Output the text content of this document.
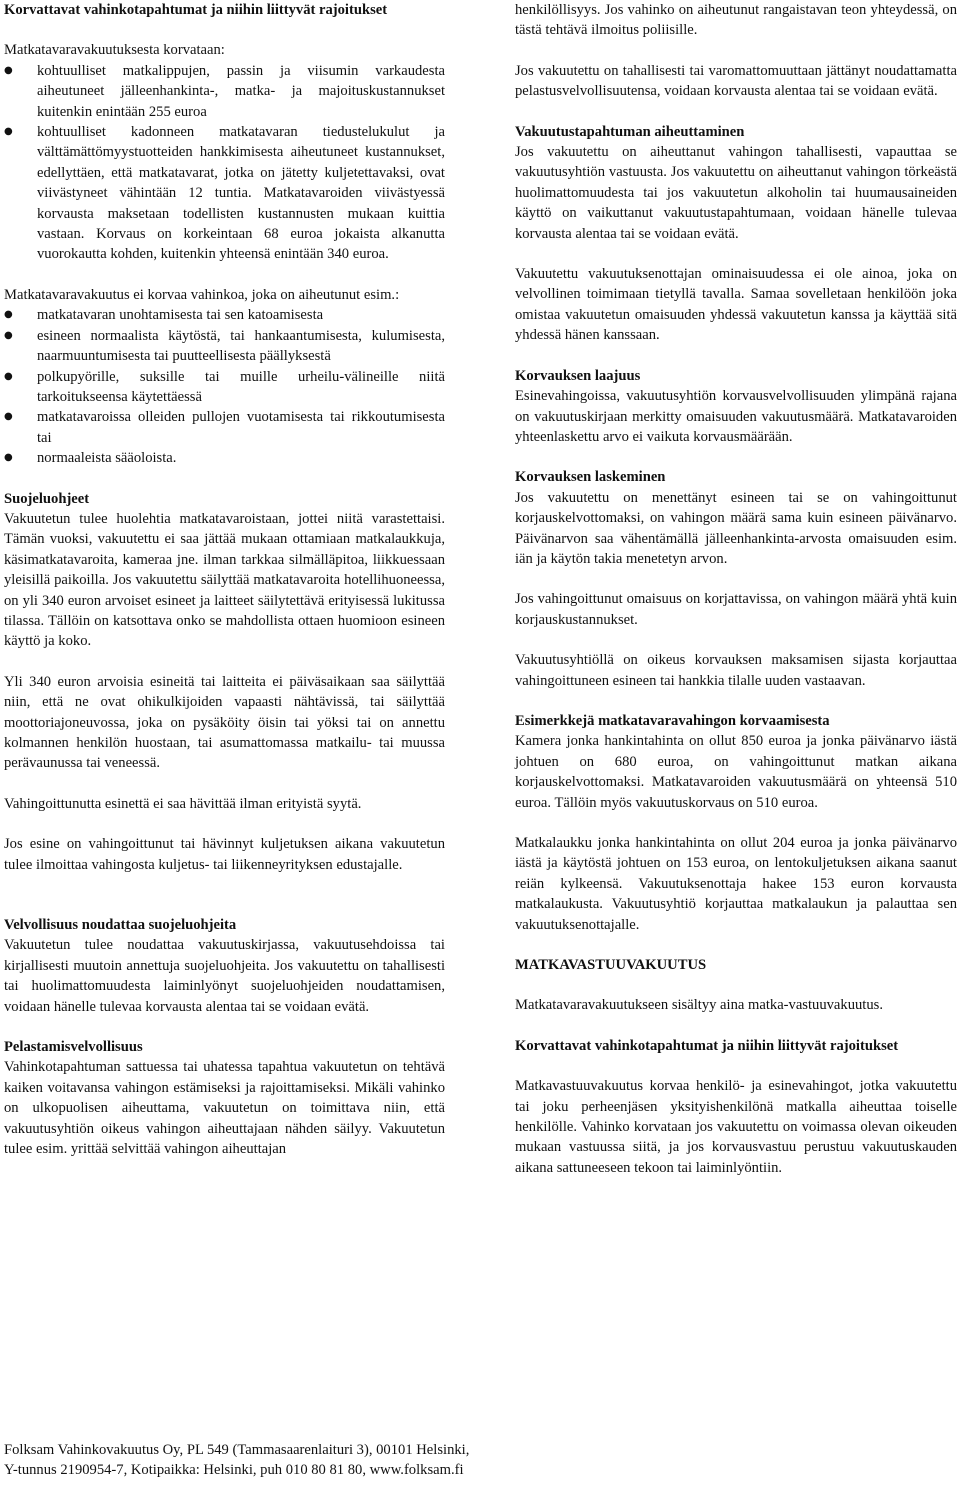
Korvattavat vahinkotapahtumat ja niihin liittyvät rajoitukset

Matkatavaravakuutuksesta korvataan:

● kohtuulliset matkalippujen, passin ja viisumin varkaudesta aiheutuneet jälleenhankinta-, matka- ja majoituskustannukset kuitenkin enintään 255 euroa
● kohtuulliset kadonneen matkatavaran tiedustelukulut ja välttämättömyystuotteiden hankkimisesta aiheutuneet kustannukset, edellyttäen, että matkatavarat, jotka on jätetty kuljetettavaksi, ovat viivästyneet vähintään 12 tuntia. Matkatavaroiden viivästyessä korvausta maksetaan todellisten kustannusten mukaan kuittia vastaan. Korvaus on korkeintaan 68 euroa jokaista alkanutta vuorokautta kohden, kuitenkin yhteensä enintään 340 euroa.

Matkatavaravakuutus ei korvaa vahinkoa, joka on aiheutunut esim.:

● matkatavaran unohtamisesta tai sen katoamisesta
● esineen normaalista käytöstä, tai hankaantumisesta, kulumisesta, naarmuuntumisesta tai puutteellisesta päällyksestä
● polkupyörille, suksille tai muille urheilu-välineille niitä tarkoitukseensa käytettäessä
● matkatavaroissa olleiden pullojen vuotamisesta tai rikkoutumisesta tai
● normaaleista sääoloista.
Suojeluohjeet

Vakuutetun tulee huolehtia matkatavaroistaan, jottei niitä varastettaisi. Tämän vuoksi, vakuutettu ei saa jättää mukaan ottamiaan matkalaukkuja, käsimatkatavaroita, kameraa jne. ilman tarkkaa silmälläpitoa, liikkuessaan yleisillä paikoilla. Jos vakuutettu säilyttää matkatavaroita hotellihuoneessa, on yli 340 euron arvoiset esineet ja laitteet säilytettävä erityisessä lukitussa tilassa. Tällöin on katsottava onko se mahdollista ottaen huomioon esineen käyttö ja koko.

Yli 340 euron arvoisia esineitä tai laitteita ei päiväsaikaan saa säilyttää niin, että ne ovat ohikulkijoiden vapaasti nähtävissä, tai säilyttää moottoriajoneuvossa, joka on pysäköity öisin tai yöksi tai on annettu kolmannen henkilön huostaan, tai asumattomassa matkailu- tai muussa perävaunussa tai veneessä.

Vahingoittunutta esinettä ei saa hävittää ilman erityistä syytä.

Jos esine on vahingoittunut tai hävinnyt kuljetuksen aikana vakuutetun tulee ilmoittaa vahingosta kuljetus- tai liikenneyrityksen edustajalle.

Velvollisuus noudattaa suojeluohjeita

Vakuutetun tulee noudattaa vakuutuskirjassa, vakuutusehdoissa tai kirjallisesti muutoin annettuja suojeluohjeita. Jos vakuutettu on tahallisesti tai huolimattomuudesta laiminlyönyt suojeluohjeiden noudattamisen, voidaan hänelle tulevaa korvausta alentaa tai se voidaan evätä.

Pelastamisvelvollisuus

Vahinkotapahtuman sattuessa tai uhatessa tapahtua vakuutetun on tehtävä kaiken voitavansa vahingon estämiseksi ja rajoittamiseksi. Mikäli vahinko on ulkopuolisen aiheuttama, vakuutetun on toimittava niin, että vakuutusyhtiön oikeus vahingon aiheuttajaan nähden säilyy. Vakuutetun tulee esim. yrittää selvittää vahingon aiheuttajan

henkilöllisyys. Jos vahinko on aiheutunut rangaistavan teon yhteydessä, on tästä tehtävä ilmoitus poliisille.

Jos vakuutettu on tahallisesti tai varomattomuuttaan jättänyt noudattamatta pelastusvelvollisuutensa, voidaan korvausta alentaa tai se voidaan evätä.

Vakuutustapahtuman aiheuttaminen

Jos vakuutettu on aiheuttanut vahingon tahallisesti, vapauttaa se vakuutusyhtiön vastuusta. Jos vakuutettu on aiheuttanut vahingon törkeästä huolimattomuudesta tai jos vakuutetun alkoholin tai huumausaineiden käyttö on vaikuttanut vakuutustapahtumaan, voidaan hänelle tulevaa korvausta alentaa tai se voidaan evätä.

Vakuutettu vakuutuksenottajan ominaisuudessa ei ole ainoa, joka on velvollinen toimimaan tietyllä tavalla. Samaa sovelletaan henkilöön joka omistaa vakuutetun omaisuuden yhdessä vakuutetun kanssa ja käyttää sitä yhdessä hänen kanssaan.

Korvauksen laajuus

Esinevahingoissa, vakuutusyhtiön korvausvelvollisuuden ylimpänä rajana on vakuutuskirjaan merkitty omaisuuden vakuutusmäärä. Matkatavaroiden yhteenlaskettu arvo ei vaikuta korvausmäärään.

Korvauksen laskeminen

Jos vakuutettu on menettänyt esineen tai se on vahingoittunut korjauskelvottomaksi, on vahingon määrä sama kuin esineen päivänarvo. Päivänarvon saa vähentämällä jälleenhankinta-arvosta omaisuuden esim. iän ja käytön takia menetetyn arvon.

Jos vahingoittunut omaisuus on korjattavissa, on vahingon määrä yhtä kuin korjauskustannukset.

Vakuutusyhtiöllä on oikeus korvauksen maksamisen sijasta korjauttaa vahingoittuneen esineen tai hankkia tilalle uuden vastaavan.

Esimerkkejä matkatavaravahingon korvaamisesta

Kamera jonka hankintahinta on ollut 850 euroa ja jonka päivänarvo iästä johtuen on 680 euroa, on vahingoittunut matkan aikana korjauskelvottomaksi. Matkatavaroiden vakuutusmäärä on yhteensä 510 euroa. Tällöin myös vakuutuskorvaus on 510 euroa.

Matkalaukku jonka hankintahinta on ollut 204 euroa ja jonka päivänarvo iästä ja käytöstä johtuen on 153 euroa, on lentokuljetuksen aikana saanut reiän kylkeensä. Vakuutuksenottaja hakee 153 euron korvausta matkalaukusta. Vakuutusyhtiö korjauttaa matkalaukun ja palauttaa sen vakuutuksenottajalle.

MATKAVASTUUVAKUUTUS

Matkatavaravakuutukseen sisältyy aina matka-vastuuvakuutus.

Korvattavat vahinkotapahtumat ja niihin liittyvät rajoitukset

Matkavastuuvakuutus korvaa henkilö- ja esinevahingot, jotka vakuutettu tai joku perheenjäsen yksityishenkilönä matkalla aiheuttaa toiselle henkilölle. Vahinko korvataan jos vakuutettu on voimassa olevan oikeuden mukaan vastuussa siitä, ja jos korvausvastuu perustuu vakuutuskauden aikana sattuneeseen tekoon tai laiminlyöntiin.

Folksam Vahinkovakuutus Oy, PL 549 (Tammasaarenlaituri 3), 00101 Helsinki,
Y-tunnus 2190954-7, Kotipaikka: Helsinki, puh 010 80 81 80, www.folksam.fi
